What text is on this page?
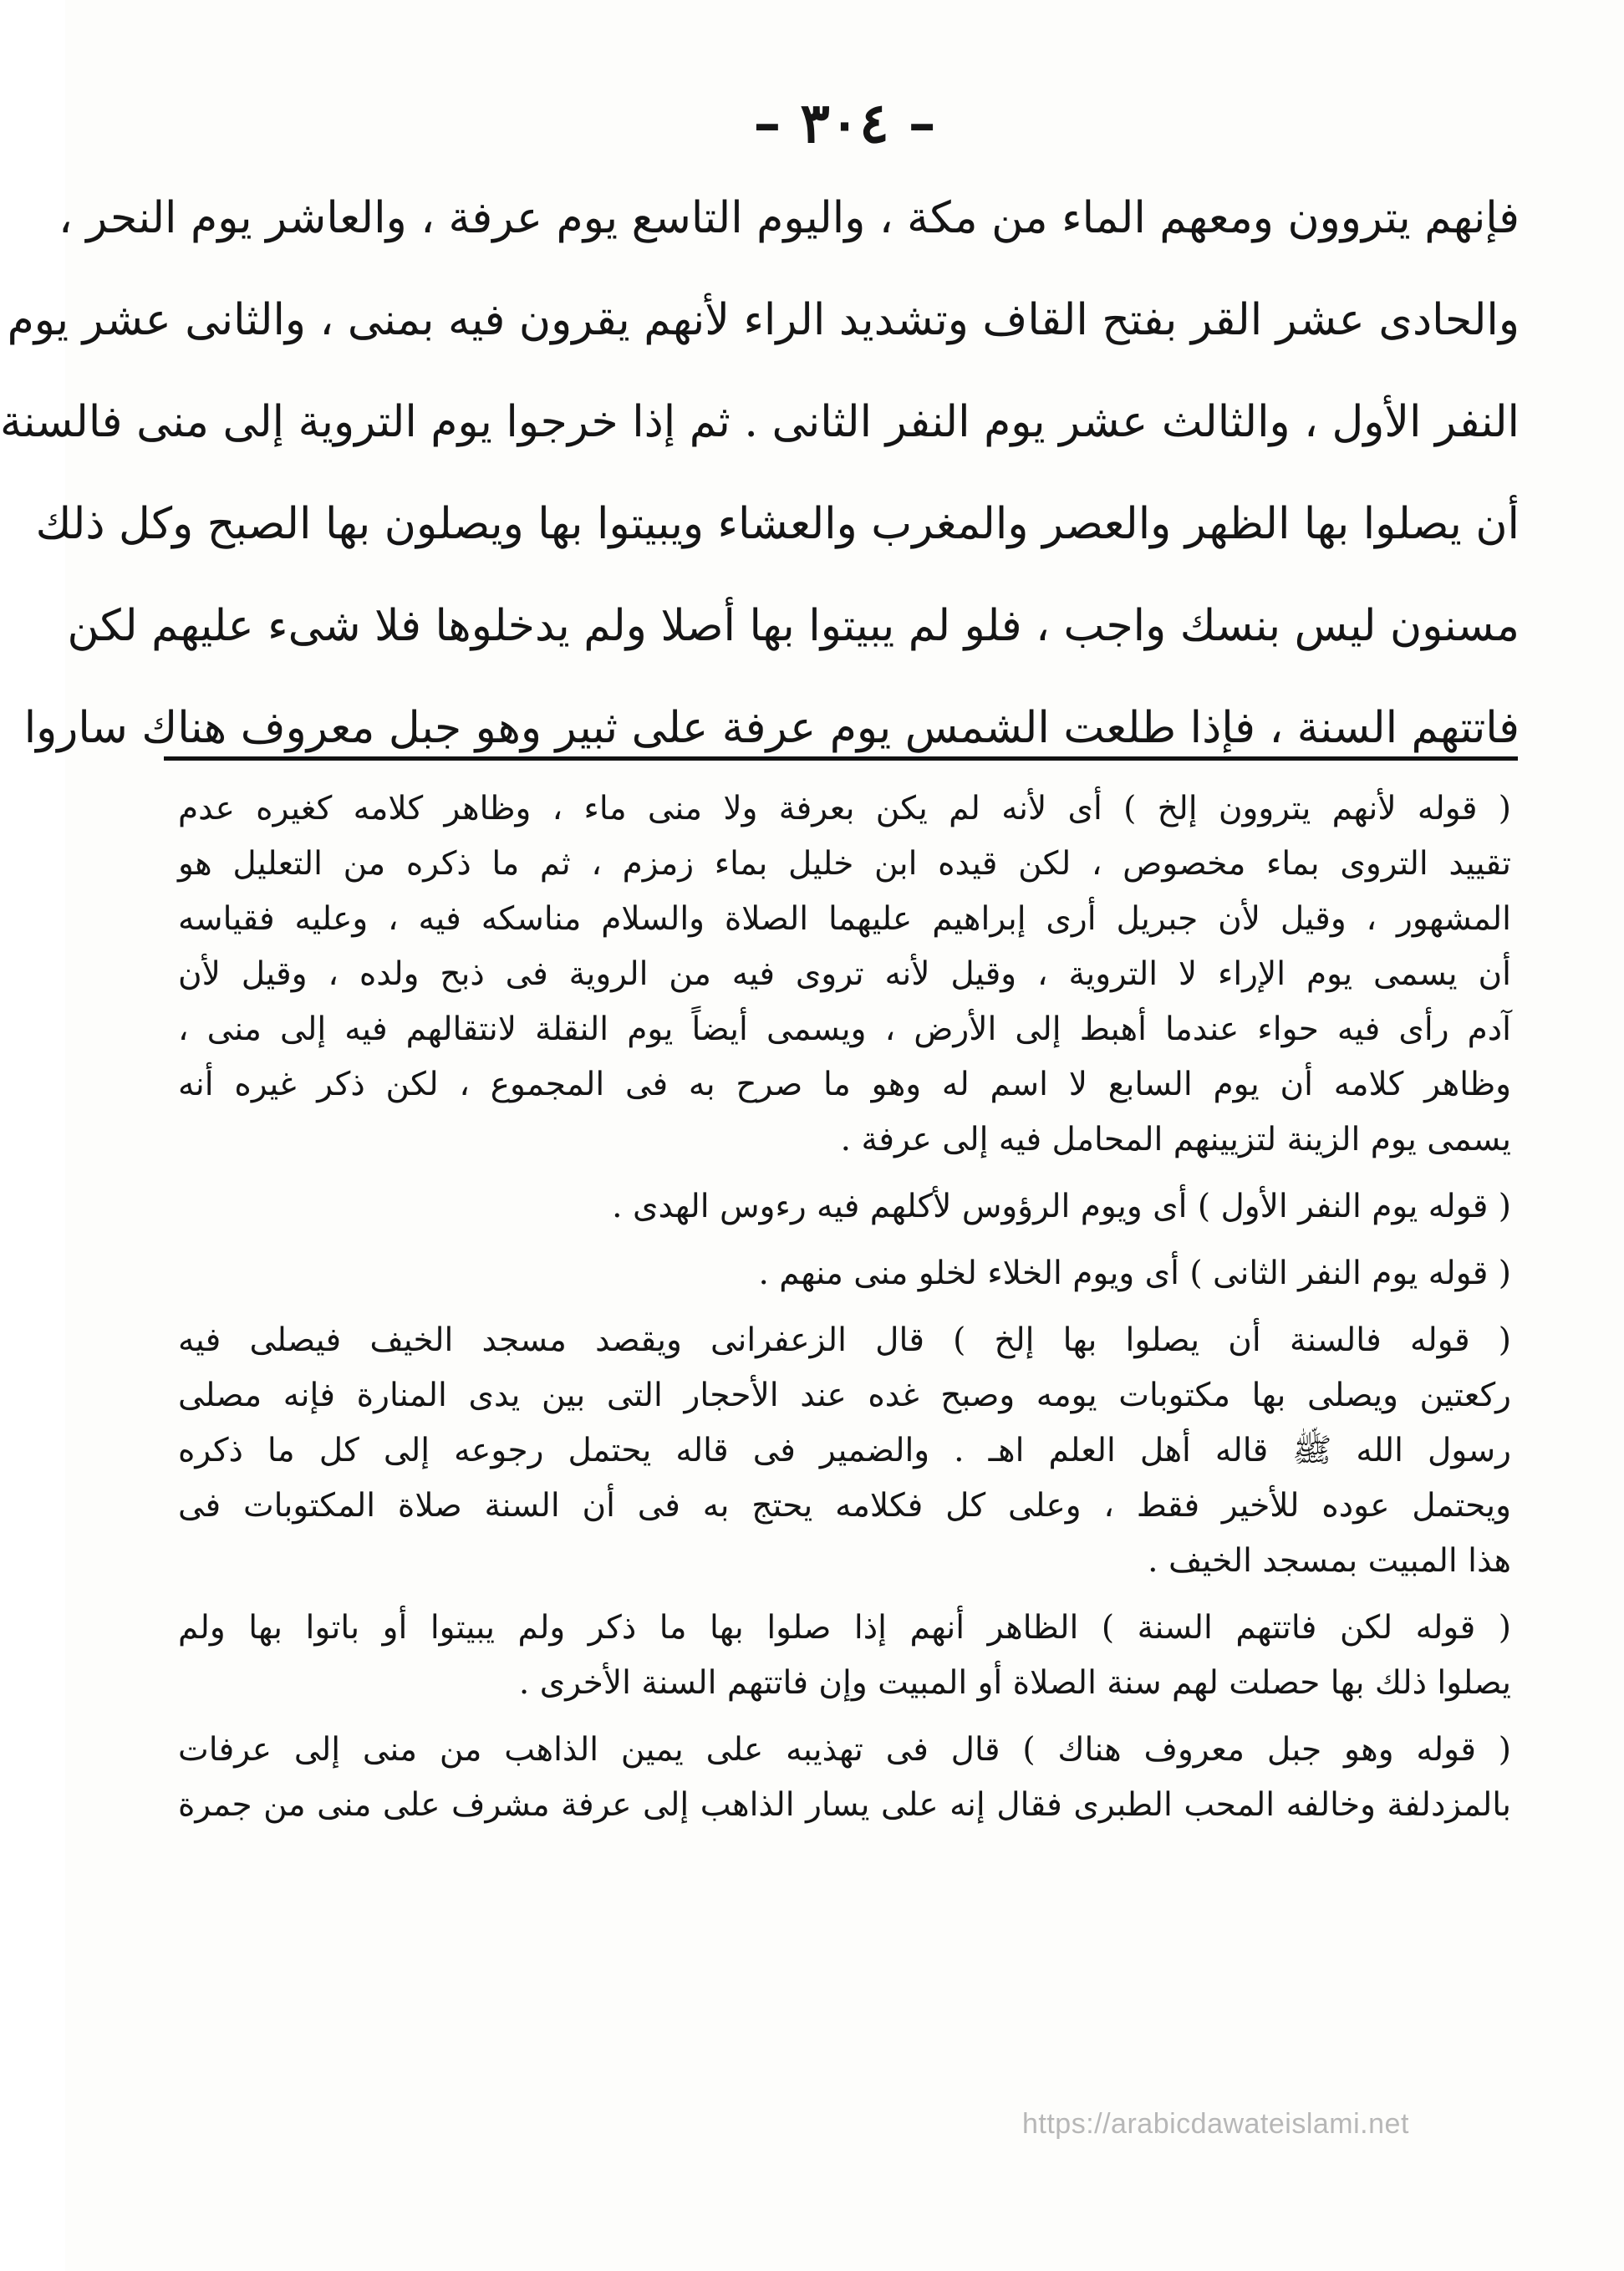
– ٣٠٤ –
فإنهم يتروون ومعهم الماء من مكة ، واليوم التاسع يوم عرفة ، والعاشر يوم النحر ،
والحادى عشر القر بفتح القاف وتشديد الراء لأنهم يقرون فيه بمنى ، والثانى عشر يوم
النفر الأول ، والثالث عشر يوم النفر الثانى . ثم إذا خرجوا يوم التروية إلى منى فالسنة
أن يصلوا بها الظهر والعصر والمغرب والعشاء ويبيتوا بها ويصلون بها الصبح وكل ذلك
مسنون ليس بنسك واجب ، فلو لم يبيتوا بها أصلا ولم يدخلوها فلا شىء عليهم لكن
فاتتهم السنة ، فإذا طلعت الشمس يوم عرفة على ثبير وهو جبل معروف هناك ساروا
( قوله لأنهم يتروون إلخ ) أى لأنه لم يكن بعرفة ولا منى ماء ، وظاهر كلامه كغيره عدم
تقييد التروى بماء مخصوص ، لكن قيده ابن خليل بماء زمزم ، ثم ما ذكره من التعليل هو
المشهور ، وقيل لأن جبريل أرى إبراهيم عليهما الصلاة والسلام مناسكه فيه ، وعليه فقياسه
أن يسمى يوم الإراء لا التروية ، وقيل لأنه تروى فيه من الروية فى ذبح ولده ، وقيل لأن
آدم رأى فيه حواء عندما أهبط إلى الأرض ، ويسمى أيضاً يوم النقلة لانتقالهم فيه إلى منى ،
وظاهر كلامه أن يوم السابع لا اسم له وهو ما صرح به فى المجموع ، لكن ذكر غيره أنه
يسمى يوم الزينة لتزيينهم المحامل فيه إلى عرفة .
( قوله يوم النفر الأول ) أى ويوم الرؤوس لأكلهم فيه رءوس الهدى .
( قوله يوم النفر الثانى ) أى ويوم الخلاء لخلو منى منهم .
( قوله فالسنة أن يصلوا بها إلخ ) قال الزعفرانى ويقصد مسجد الخيف فيصلى فيه
ركعتين ويصلى بها مكتوبات يومه وصبح غده عند الأحجار التى بين يدى المنارة فإنه مصلى
رسول الله ﷺ قاله أهل العلم اهـ . والضمير فى قاله يحتمل رجوعه إلى كل ما ذكره
ويحتمل عوده للأخير فقط ، وعلى كل فكلامه يحتج به فى أن السنة صلاة المكتوبات فى
هذا المبيت بمسجد الخيف .
( قوله لكن فاتتهم السنة ) الظاهر أنهم إذا صلوا بها ما ذكر ولم يبيتوا أو باتوا بها ولم
يصلوا ذلك بها حصلت لهم سنة الصلاة أو المبيت وإن فاتتهم السنة الأخرى .
( قوله وهو جبل معروف هناك ) قال فى تهذيبه على يمين الذاهب من منى إلى عرفات
بالمزدلفة وخالفه المحب الطبرى فقال إنه على يسار الذاهب إلى عرفة مشرف على منى من جمرة
https://arabicdawateislami.net
